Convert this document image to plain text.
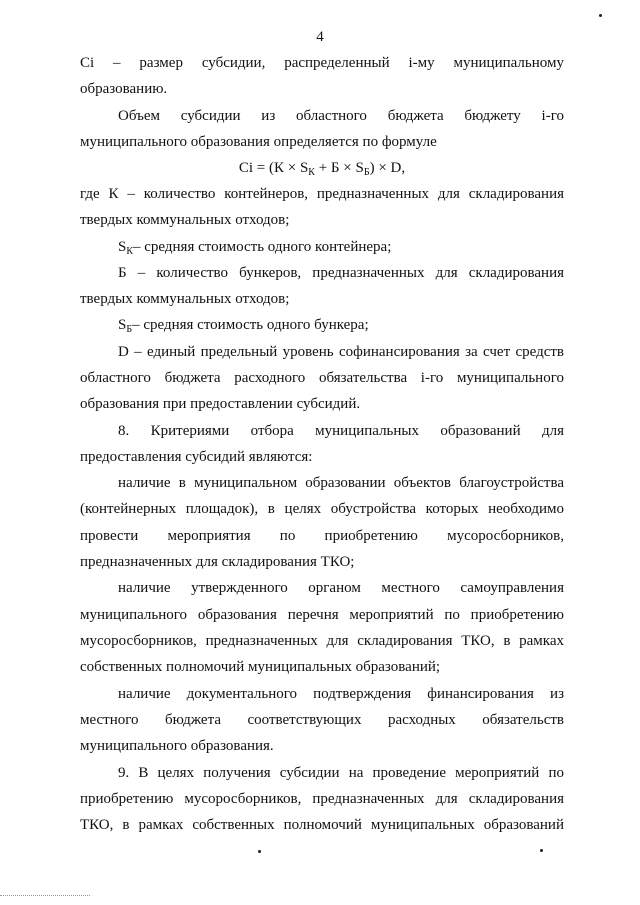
4
Ci – размер субсидии, распределенный i-му муниципальному
образованию.
Объем субсидии из областного бюджета бюджету i-го
муниципального образования определяется по формуле
$Ci = (К \times S_К + Б \times S_Б) \times D$,
где К – количество контейнеров, предназначенных для складирования
твердых коммунальных отходов;
$S_К-$ средняя стоимость одного контейнера;
Б – количество бункеров, предназначенных для складирования
твердых коммунальных отходов;
$S_Б-$ средняя стоимость одного бункера;
D – единый предельный уровень софинансирования за счет средств
областного бюджета расходного обязательства i-го муниципального
образования при предоставлении субсидий.
8. Критериями отбора муниципальных образований для
предоставления субсидий являются:
наличие в муниципальном образовании объектов благоустройства
(контейнерных площадок), в целях обустройства которых необходимо
провести мероприятия по приобретению мусоросборников,
предназначенных для складирования ТКО;
наличие утвержденного органом местного самоуправления
муниципального образования перечня мероприятий по приобретению
мусоросборников, предназначенных для складирования ТКО, в рамках
собственных полномочий муниципальных образований;
наличие документального подтверждения финансирования из
местного бюджета соответствующих расходных обязательств
муниципального образования.
9. В целях получения субсидии на проведение мероприятий по
приобретению мусоросборников, предназначенных для складирования
ТКО, в рамках собственных полномочий муниципальных образований
